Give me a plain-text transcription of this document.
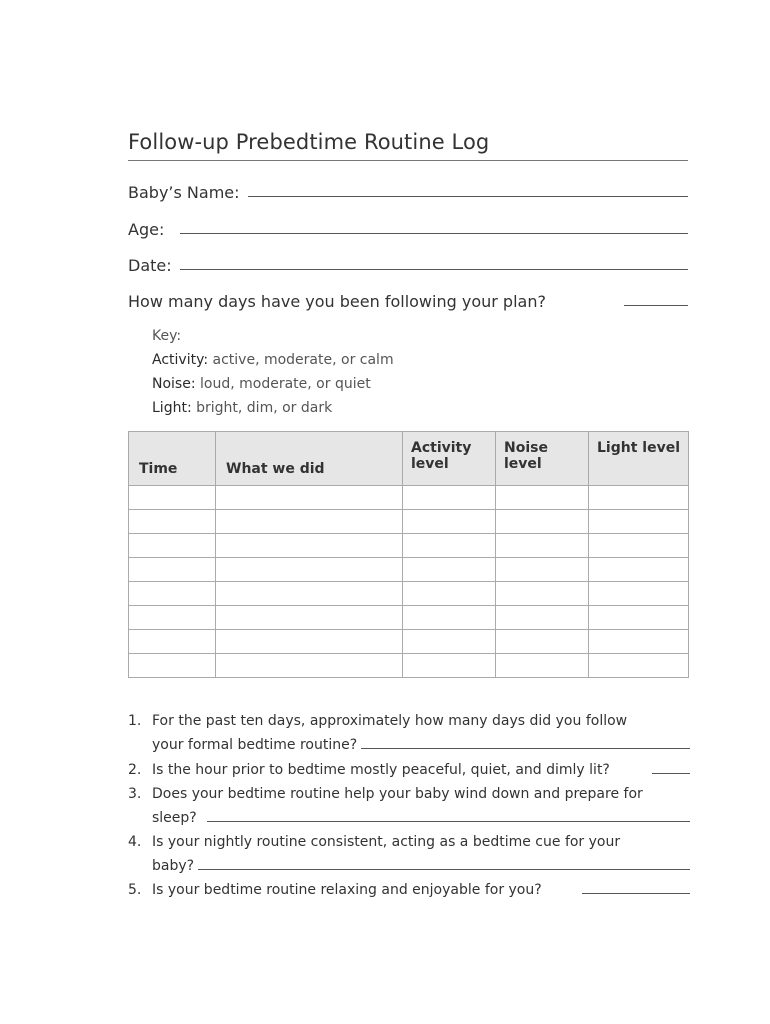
Follow-up Prebedtime Routine Log
Baby’s Name:
Age:
Date:
How many days have you been following your plan?
Key:
Activity: active, moderate, or calm
Noise: loud, moderate, or quiet
Light: bright, dim, or dark
Time	What we did	Activity level	Noise level	Light level

1. For the past ten days, approximately how many days did you follow
your formal bedtime routine?
2. Is the hour prior to bedtime mostly peaceful, quiet, and dimly lit?
3. Does your bedtime routine help your baby wind down and prepare for
sleep?
4. Is your nightly routine consistent, acting as a bedtime cue for your
baby?
5. Is your bedtime routine relaxing and enjoyable for you?
